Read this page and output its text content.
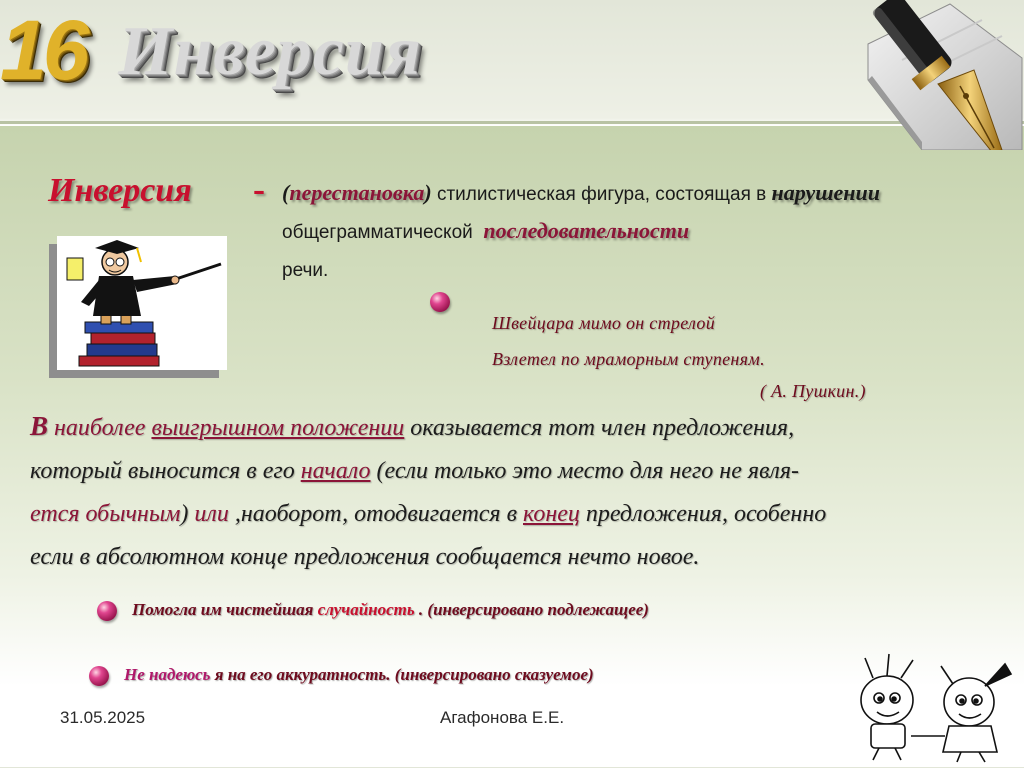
16 Инверсия
Инверсия - (перестановка) стилистическая фигура, состоящая в нарушении общеграмматической последовательности
речи.
Швейцара мимо он стрелой
Взлетел по мраморным ступеням.
( А. Пушкин.)
В наиболее выигрышном положении оказывается тот член предложения,
который выносится в его начало (если только это место для него не явля-
ется обычным) или ,наоборот, отодвигается в конец предложения, особенно
если в абсолютном конце предложения сообщается нечто новое.
Помогла им чистейшая случайность . (инверсировано подлежащее)
Не надеюсь я на его аккуратность. (инверсировано сказуемое)
31.05.2025	Агафонова Е.Е.
